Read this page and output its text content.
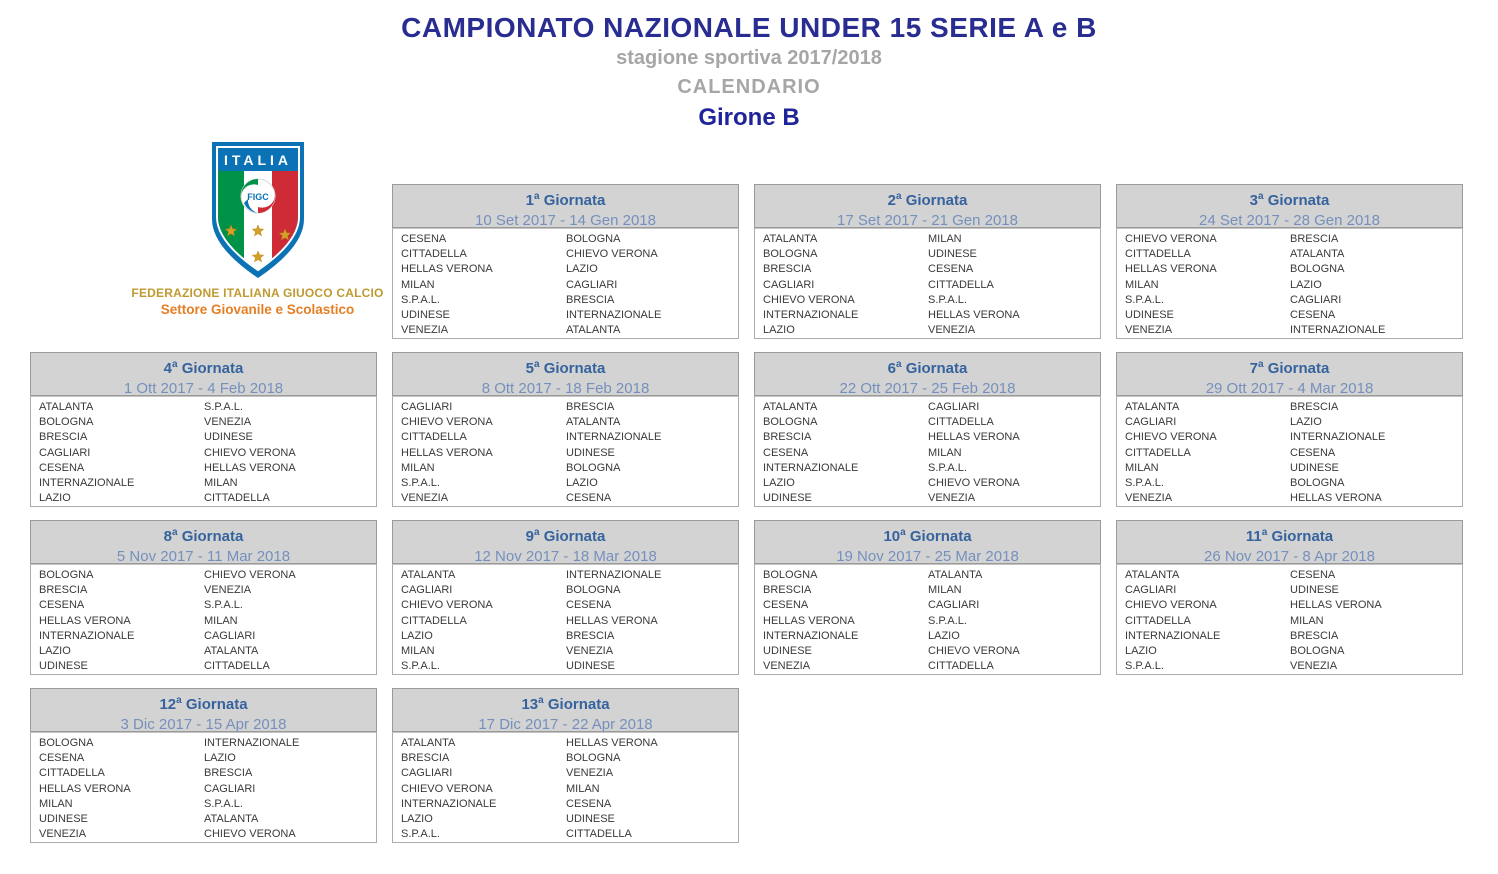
CAMPIONATO NAZIONALE UNDER 15 SERIE A e B
stagione sportiva 2017/2018
CALENDARIO
Girone B
ITALIA
FIGC
FEDERAZIONE ITALIANA GIUOCO CALCIO
Settore Giovanile e Scolastico
1$^a$ Giornata
10 Set 2017 - 14 Gen 2018
CESENA	BOLOGNA
CITTADELLA	CHIEVO VERONA
HELLAS VERONA	LAZIO
MILAN	CAGLIARI
S.P.A.L.	BRESCIA
UDINESE	INTERNAZIONALE
VENEZIA	ATALANTA
2$^a$ Giornata
17 Set 2017 - 21 Gen 2018
ATALANTA	MILAN
BOLOGNA	UDINESE
BRESCIA	CESENA
CAGLIARI	CITTADELLA
CHIEVO VERONA	S.P.A.L.
INTERNAZIONALE	HELLAS VERONA
LAZIO	VENEZIA
3$^a$ Giornata
24 Set 2017 - 28 Gen 2018
CHIEVO VERONA	BRESCIA
CITTADELLA	ATALANTA
HELLAS VERONA	BOLOGNA
MILAN	LAZIO
S.P.A.L.	CAGLIARI
UDINESE	CESENA
VENEZIA	INTERNAZIONALE
4$^a$ Giornata
1 Ott 2017 - 4 Feb 2018
ATALANTA	S.P.A.L.
BOLOGNA	VENEZIA
BRESCIA	UDINESE
CAGLIARI	CHIEVO VERONA
CESENA	HELLAS VERONA
INTERNAZIONALE	MILAN
LAZIO	CITTADELLA
5$^a$ Giornata
8 Ott 2017 - 18 Feb 2018
CAGLIARI	BRESCIA
CHIEVO VERONA	ATALANTA
CITTADELLA	INTERNAZIONALE
HELLAS VERONA	UDINESE
MILAN	BOLOGNA
S.P.A.L.	LAZIO
VENEZIA	CESENA
6$^a$ Giornata
22 Ott 2017 - 25 Feb 2018
ATALANTA	CAGLIARI
BOLOGNA	CITTADELLA
BRESCIA	HELLAS VERONA
CESENA	MILAN
INTERNAZIONALE	S.P.A.L.
LAZIO	CHIEVO VERONA
UDINESE	VENEZIA
7$^a$ Giornata
29 Ott 2017 - 4 Mar 2018
ATALANTA	BRESCIA
CAGLIARI	LAZIO
CHIEVO VERONA	INTERNAZIONALE
CITTADELLA	CESENA
MILAN	UDINESE
S.P.A.L.	BOLOGNA
VENEZIA	HELLAS VERONA
8$^a$ Giornata
5 Nov 2017 - 11 Mar 2018
BOLOGNA	CHIEVO VERONA
BRESCIA	VENEZIA
CESENA	S.P.A.L.
HELLAS VERONA	MILAN
INTERNAZIONALE	CAGLIARI
LAZIO	ATALANTA
UDINESE	CITTADELLA
9$^a$ Giornata
12 Nov 2017 - 18 Mar 2018
ATALANTA	INTERNAZIONALE
CAGLIARI	BOLOGNA
CHIEVO VERONA	CESENA
CITTADELLA	HELLAS VERONA
LAZIO	BRESCIA
MILAN	VENEZIA
S.P.A.L.	UDINESE
10$^a$ Giornata
19 Nov 2017 - 25 Mar 2018
BOLOGNA	ATALANTA
BRESCIA	MILAN
CESENA	CAGLIARI
HELLAS VERONA	S.P.A.L.
INTERNAZIONALE	LAZIO
UDINESE	CHIEVO VERONA
VENEZIA	CITTADELLA
11$^a$ Giornata
26 Nov 2017 - 8 Apr 2018
ATALANTA	CESENA
CAGLIARI	UDINESE
CHIEVO VERONA	HELLAS VERONA
CITTADELLA	MILAN
INTERNAZIONALE	BRESCIA
LAZIO	BOLOGNA
S.P.A.L.	VENEZIA
12$^a$ Giornata
3 Dic 2017 - 15 Apr 2018
BOLOGNA	INTERNAZIONALE
CESENA	LAZIO
CITTADELLA	BRESCIA
HELLAS VERONA	CAGLIARI
MILAN	S.P.A.L.
UDINESE	ATALANTA
VENEZIA	CHIEVO VERONA
13$^a$ Giornata
17 Dic 2017 - 22 Apr 2018
ATALANTA	HELLAS VERONA
BRESCIA	BOLOGNA
CAGLIARI	VENEZIA
CHIEVO VERONA	MILAN
INTERNAZIONALE	CESENA
LAZIO	UDINESE
S.P.A.L.	CITTADELLA
